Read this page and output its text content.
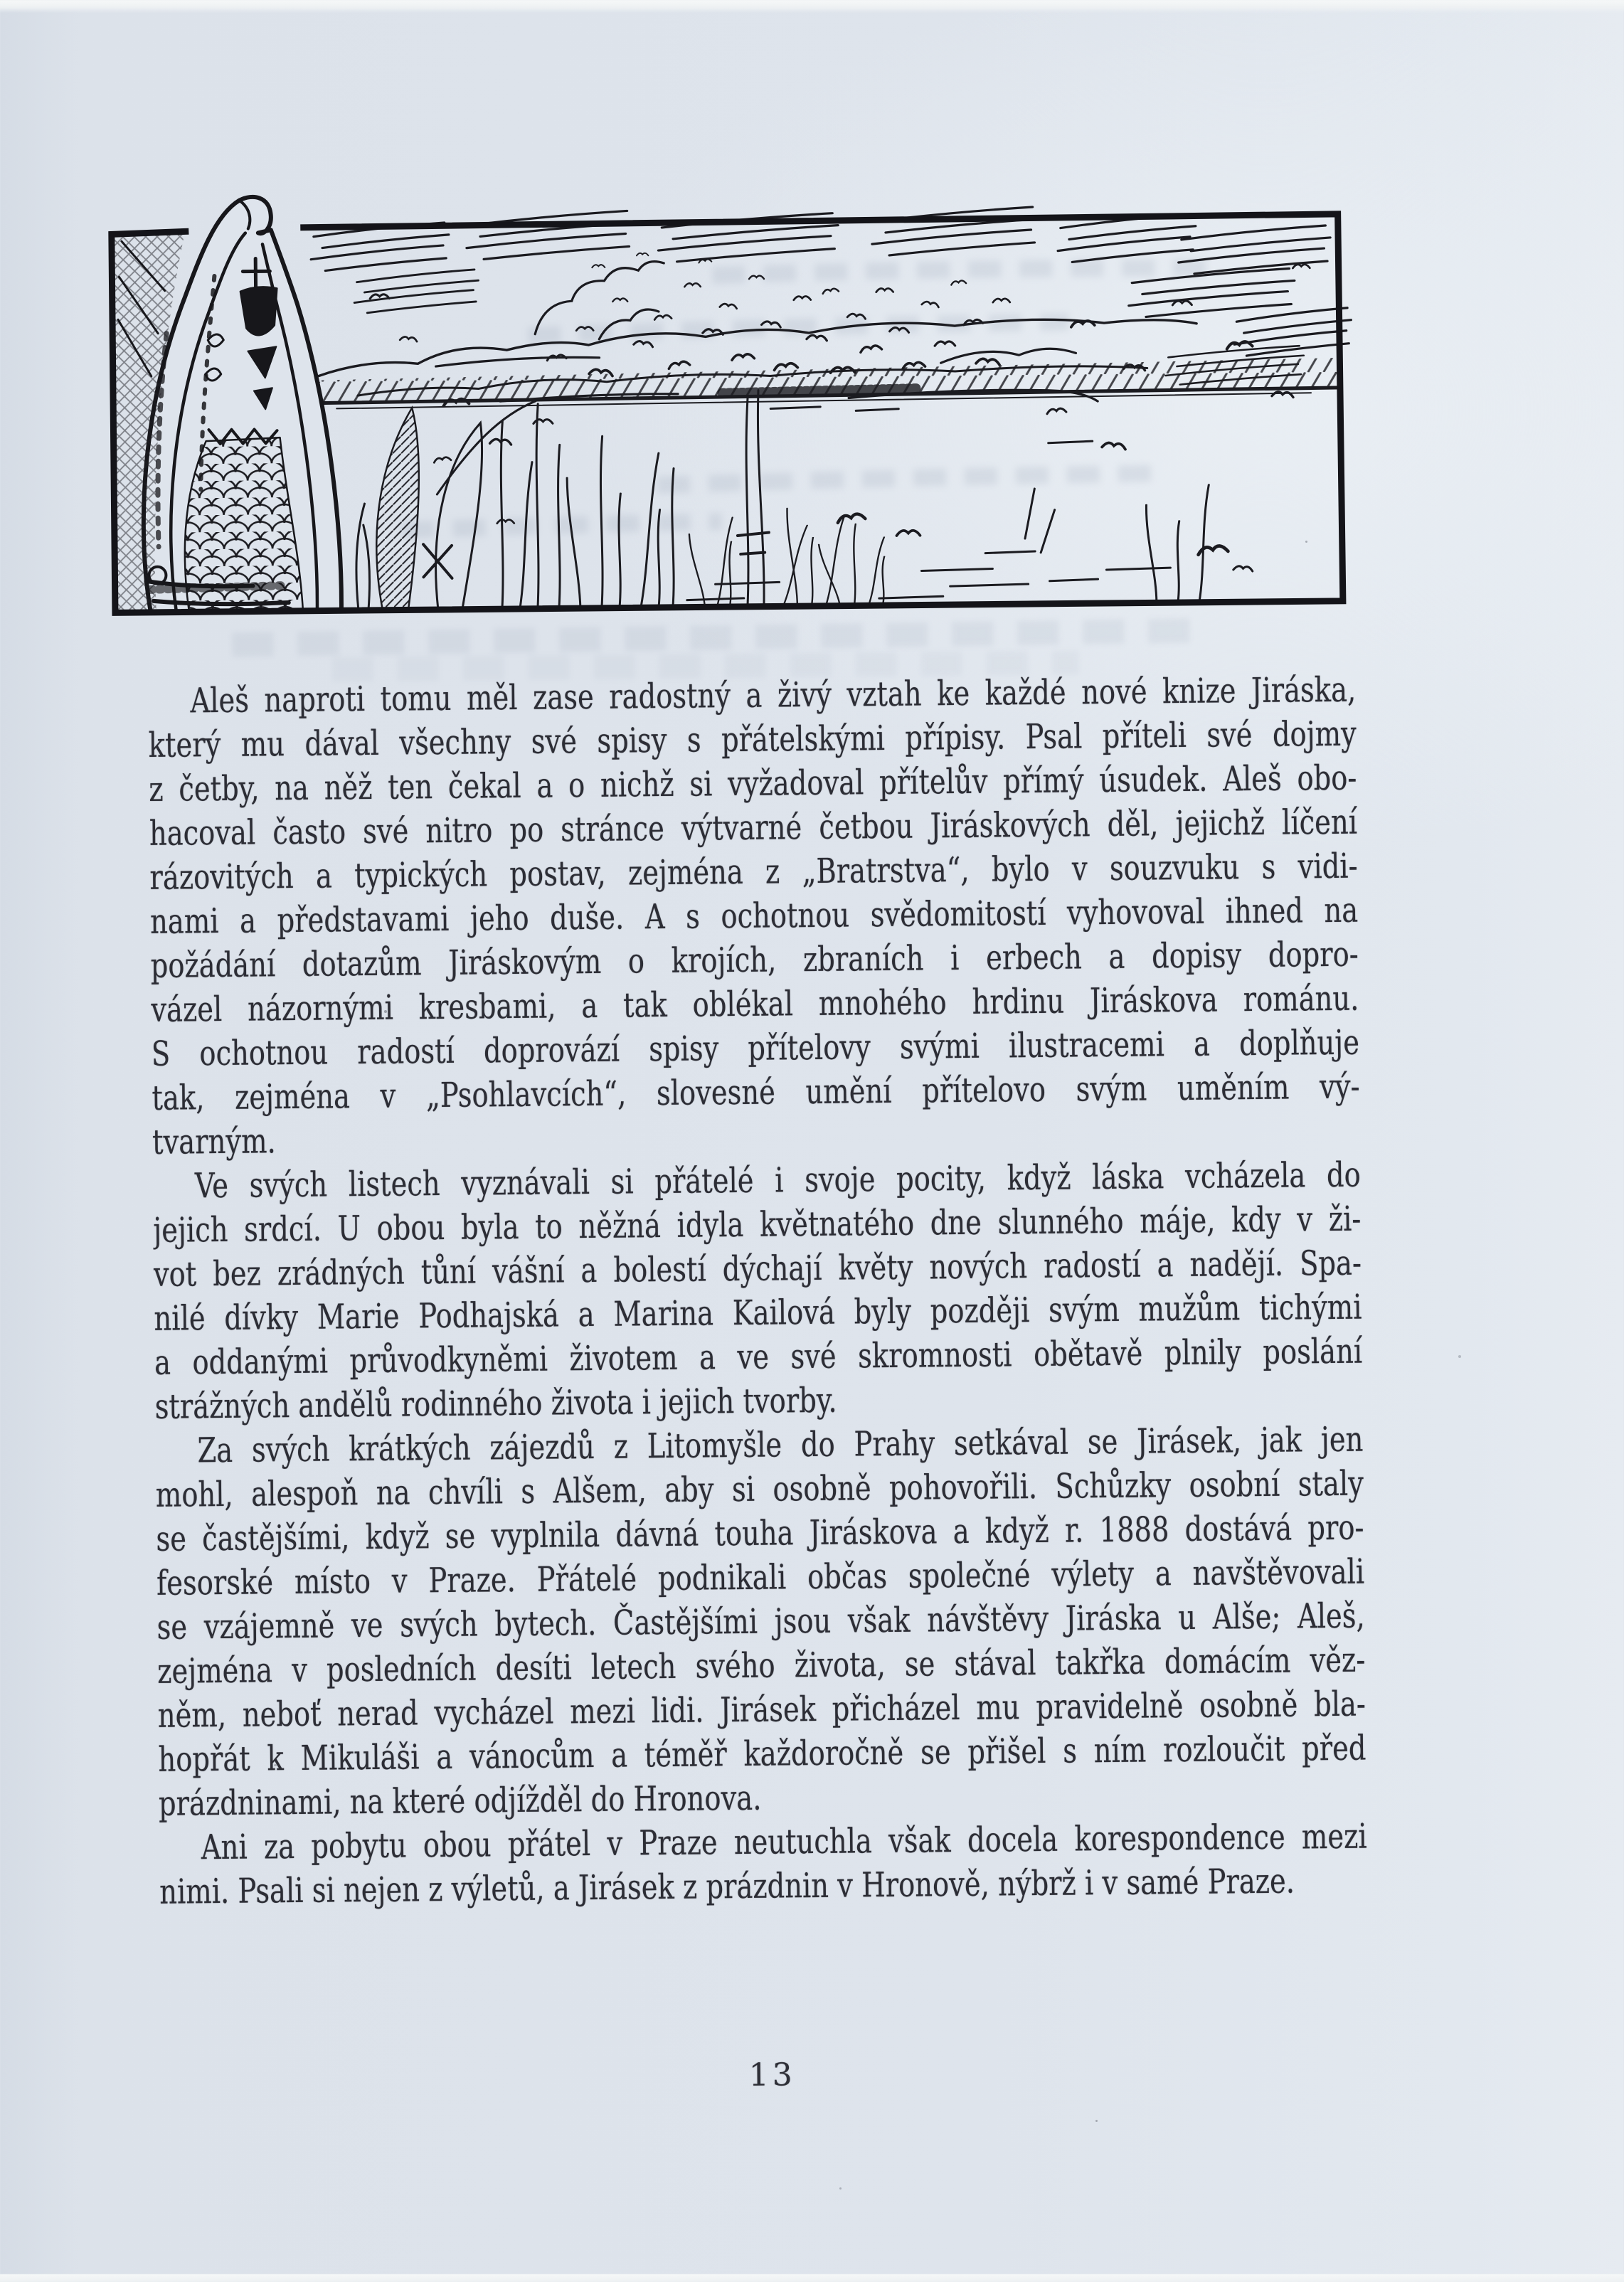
Aleš naproti tomu měl zase radostný a živý vztah ke každé nové knize Jiráska,
který mu dával všechny své spisy s přátelskými přípisy. Psal příteli své dojmy
z četby, na něž ten čekal a o nichž si vyžadoval přítelův přímý úsudek. Aleš obo-
hacoval často své nitro po stránce výtvarné četbou Jiráskových děl, jejichž líčení
rázovitých a typických postav, zejména z „Bratrstva“, bylo v souzvuku s vidi-
nami a představami jeho duše. A s ochotnou svědomitostí vyhovoval ihned na
požádání dotazům Jiráskovým o krojích, zbraních i erbech a dopisy dopro-
vázel názornými kresbami, a tak oblékal mnohého hrdinu Jiráskova románu.
S ochotnou radostí doprovází spisy přítelovy svými ilustracemi a doplňuje
tak, zejména v „Psohlavcích“, slovesné umění přítelovo svým uměním vý-
tvarným.
Ve svých listech vyznávali si přátelé i svoje pocity, když láska vcházela do
jejich srdcí. U obou byla to něžná idyla květnatého dne slunného máje, kdy v ži-
vot bez zrádných tůní vášní a bolestí dýchají květy nových radostí a nadějí. Spa-
nilé dívky Marie Podhajská a Marina Kailová byly později svým mužům tichými
a oddanými průvodkyněmi životem a ve své skromnosti obětavě plnily poslání
strážných andělů rodinného života i jejich tvorby.
Za svých krátkých zájezdů z Litomyšle do Prahy setkával se Jirásek, jak jen
mohl, alespoň na chvíli s Alšem, aby si osobně pohovořili. Schůzky osobní staly
se častějšími, když se vyplnila dávná touha Jiráskova a když r. 1888 dostává pro-
fesorské místo v Praze. Přátelé podnikali občas společné výlety a navštěvovali
se vzájemně ve svých bytech. Častějšími jsou však návštěvy Jiráska u Alše; Aleš,
zejména v posledních desíti letech svého života, se stával takřka domácím věz-
něm, neboť nerad vycházel mezi lidi. Jirásek přicházel mu pravidelně osobně bla-
hopřát k Mikuláši a vánocům a téměř každoročně se přišel s ním rozloučit před
prázdninami, na které odjížděl do Hronova.
Ani za pobytu obou přátel v Praze neutuchla však docela korespondence mezi
nimi. Psali si nejen z výletů, a Jirásek z prázdnin v Hronově, nýbrž i v samé Praze.
13
